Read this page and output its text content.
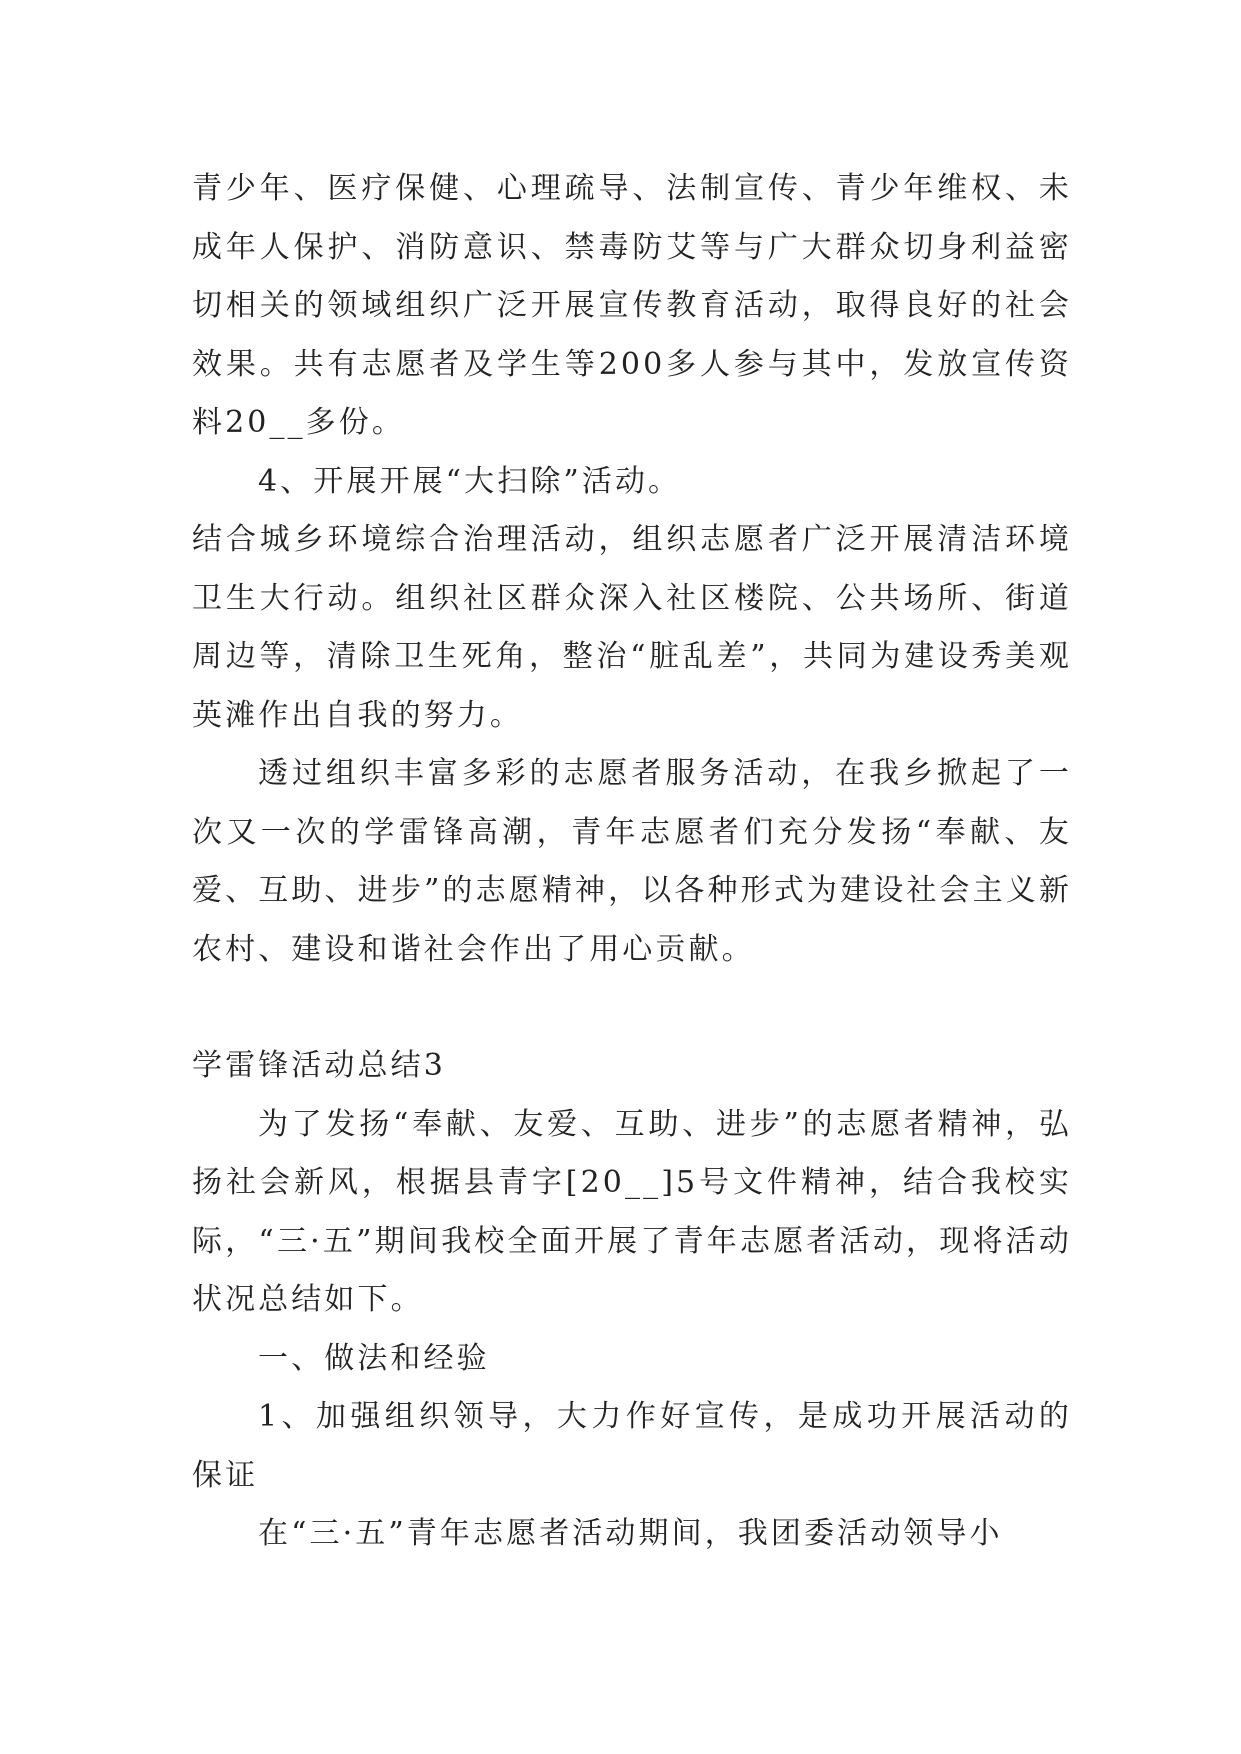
青少年、医疗保健、心理疏导、法制宣传、青少年维权、未成年人保护、消防意识、禁毒防艾等与广大群众切身利益密切相关的领域组织广泛开展宣传教育活动，取得良好的社会效果。共有志愿者及学生等200多人参与其中，发放宣传资料20__多份。

4、开展开展“大扫除”活动。

结合城乡环境综合治理活动，组织志愿者广泛开展清洁环境卫生大行动。组织社区群众深入社区楼院、公共场所、街道周边等，清除卫生死角，整治“脏乱差”，共同为建设秀美观英滩作出自我的努力。

透过组织丰富多彩的志愿者服务活动，在我乡掀起了一次又一次的学雷锋高潮，青年志愿者们充分发扬“奉献、友爱、互助、进步”的志愿精神，以各种形式为建设社会主义新农村、建设和谐社会作出了用心贡献。

学雷锋活动总结3

为了发扬“奉献、友爱、互助、进步”的志愿者精神，弘扬社会新风，根据县青字[20__]5号文件精神，结合我校实际，“三·五”期间我校全面开展了青年志愿者活动，现将活动状况总结如下。

一、做法和经验

1、加强组织领导，大力作好宣传，是成功开展活动的保证

在“三·五”青年志愿者活动期间，我团委活动领导小
